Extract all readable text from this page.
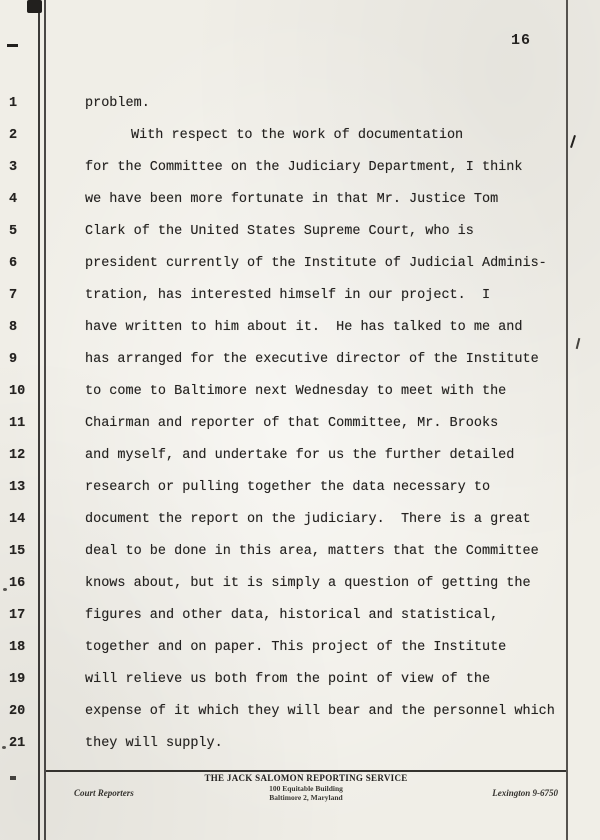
16
1	problem.
2	With respect to the work of documentation
3	for the Committee on the Judiciary Department, I think
4	we have been more fortunate in that Mr. Justice Tom
5	Clark of the United States Supreme Court, who is
6	president currently of the Institute of Judicial Adminis-
7	tration, has interested himself in our project.  I
8	have written to him about it.  He has talked to me and
9	has arranged for the executive director of the Institute
10	to come to Baltimore next Wednesday to meet with the
11	Chairman and reporter of that Committee, Mr. Brooks
12	and myself, and undertake for us the further detailed
13	research or pulling together the data necessary to
14	document the report on the judiciary.  There is a great
15	deal to be done in this area, matters that the Committee
16	knows about, but it is simply a question of getting the
17	figures and other data, historical and statistical,
18	together and on paper. This project of the Institute
19	will relieve us both from the point of view of the
20	expense of it which they will bear and the personnel which
21	they will supply.
THE JACK SALOMON REPORTING SERVICE
100 Equitable Building
Baltimore 2, Maryland
Court Reporters	Lexington 9-6750
